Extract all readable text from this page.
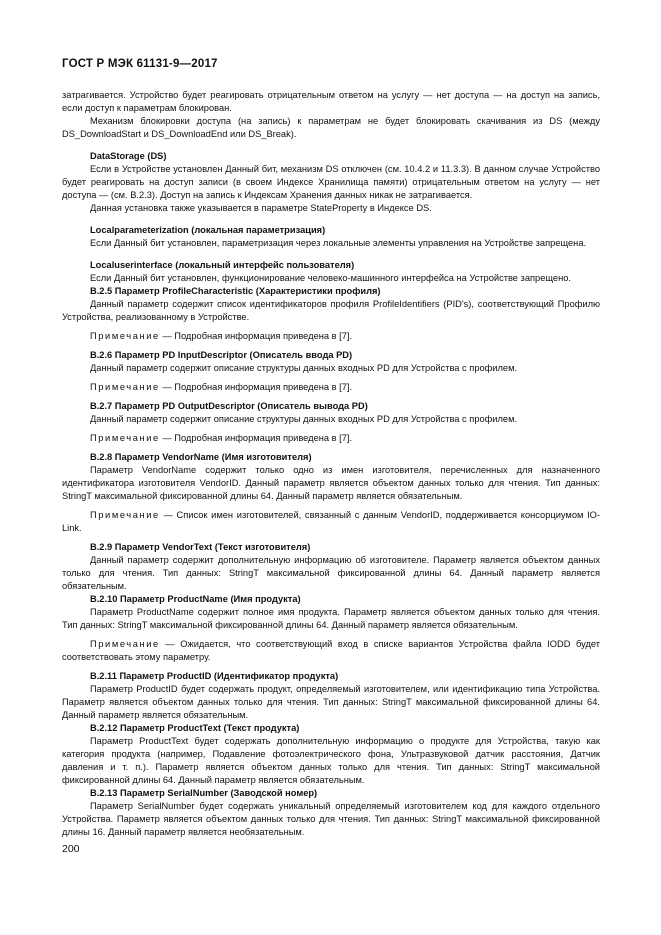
ГОСТ Р МЭК 61131-9—2017

затрагивается. Устройство будет реагировать отрицательным ответом на услугу — нет доступа — на доступ на запись, если доступ к параметрам блокирован.

Механизм блокировки доступа (на запись) к параметрам не будет блокировать скачивания из DS (между DS_DownloadStart и DS_DownloadEnd или DS_Break).

DataStorage (DS)

Если в Устройстве установлен Данный бит, механизм DS отключен (см. 10.4.2 и 11.3.3). В данном случае Устройство будет реагировать на доступ записи (в своем Индексе Хранилища памяти) отрицательным ответом на услугу — нет доступа — (см. В.2.3). Доступ на запись к Индексам Хранения данных никак не затрагивается.

Данная установка также указывается в параметре StateProperty в Индексе DS.

Localparameterization (локальная параметризация)

Если Данный бит установлен, параметризация через локальные элементы управления на Устройстве запрещена.

Localuserinterface (локальный интерфейс пользователя)

Если Данный бит установлен, функционирование человеко-машинного интерфейса на Устройстве запрещено.

В.2.5 Параметр ProfileCharacteristic (Характеристики профиля)

Данный параметр содержит список идентификаторов профиля ProfileIdentifiers (PID's), соответствующий Профилю Устройства, реализованному в Устройстве.

Примечание — Подробная информация приведена в [7].

В.2.6 Параметр PD InputDescriptor (Описатель ввода PD)

Данный параметр содержит описание структуры данных входных PD для Устройства с профилем.

Примечание — Подробная информация приведена в [7].

В.2.7 Параметр PD OutputDescriptor (Описатель вывода PD)

Данный параметр содержит описание структуры данных входных PD для Устройства с профилем.

Примечание — Подробная информация приведена в [7].

В.2.8 Параметр VendorName (Имя изготовителя)

Параметр VendorName содержит только одно из имен изготовителя, перечисленных для назначенного идентификатора изготовителя VendorID. Данный параметр является объектом данных только для чтения. Тип данных: StringT максимальной фиксированной длины 64. Данный параметр является обязательным.

Примечание — Список имен изготовителей, связанный с данным VendorID, поддерживается консорциумом IO-Link.

В.2.9 Параметр VendorText (Текст изготовителя)

Данный параметр содержит дополнительную информацию об изготовителе. Параметр является объектом данных только для чтения. Тип данных: StringT максимальной фиксированной длины 64. Данный параметр является обязательным.

В.2.10 Параметр ProductName (Имя продукта)

Параметр ProductName содержит полное имя продукта. Параметр является объектом данных только для чтения. Тип данных: StringT максимальной фиксированной длины 64. Данный параметр является обязательным.

Примечание — Ожидается, что соответствующий вход в списке вариантов Устройства файла IODD будет соответствовать этому параметру.

В.2.11 Параметр ProductID (Идентификатор продукта)

Параметр ProductID будет содержать продукт, определяемый изготовителем, или идентификацию типа Устройства. Параметр является объектом данных только для чтения. Тип данных: StringT максимальной фиксированной длины 64. Данный параметр является обязательным.

В.2.12 Параметр ProductText (Текст продукта)

Параметр ProductText будет содержать дополнительную информацию о продукте для Устройства, такую как категория продукта (например, Подавление фотоэлектрического фона, Ультразвуковой датчик расстояния, Датчик давления и т. п.). Параметр является объектом данных только для чтения. Тип данных: StringT максимальной фиксированной длины 64. Данный параметр является обязательным.

В.2.13 Параметр SerialNumber (Заводской номер)

Параметр SerialNumber будет содержать уникальный определяемый изготовителем код для каждого отдельного Устройства. Параметр является объектом данных только для чтения. Тип данных: StringT максимальной фиксированной длины 16. Данный параметр является необязательным.

200
